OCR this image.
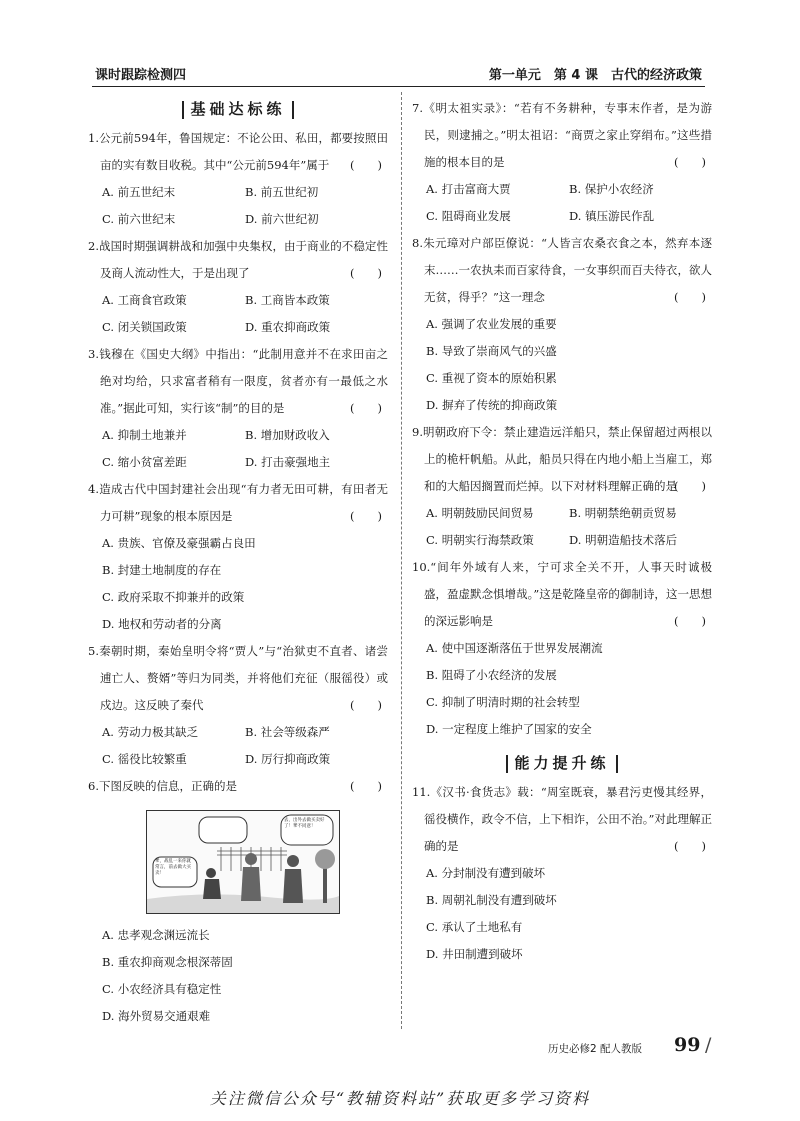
课时跟踪检测四	第一单元　第 4 课　古代的经济政策
基础达标练
1.公元前594年，鲁国规定：不论公田、私田，都要按照田亩的实有数目收税。其中“公元前594年”属于 (　　)
A. 前五世纪末	B. 前五世纪初
C. 前六世纪末	D. 前六世纪初
2.战国时期强调耕战和加强中央集权，由于商业的不稳定性及商人流动性大，于是出现了	(　　)
A. 工商食官政策	B. 工商皆本政策
C. 闭关锁国政策	D. 重农抑商政策
3.钱穆在《国史大纲》中指出：“此制用意并不在求田亩之绝对均给，只求富者稍有一限度，贫者亦有一最低之水准。”据此可知，实行该“制”的目的是	(　　)
A. 抑制土地兼并	B. 增加财政收入
C. 缩小贫富差距	D. 打击豪强地主
4.造成古代中国封建社会出现“有力者无田可耕，有田者无力可耕”现象的根本原因是	(　　)
A. 贵族、官僚及豪强霸占良田
B. 封建土地制度的存在
C. 政府采取不抑兼并的政策
D. 地权和劳动者的分离
5.秦朝时期，秦始皇明令将“贾人”与“治狱吏不直者、诸尝逋亡人、赘婿”等归为同类，并将他们充征（服徭役）或戍边。这反映了秦代	(　　)
A. 劳动力极其缺乏	B. 社会等级森严
C. 徭役比较繁重	D. 厉行抑商政策
6.下图反映的信息，正确的是	(　　)
爹，战乱一来你就常言，前去做大买卖！
去，出外去做买卖好了！爹不同意！
A. 忠孝观念渊远流长
B. 重农抑商观念根深蒂固
C. 小农经济具有稳定性
D. 海外贸易交通艰难
7.《明太祖实录》：“若有不务耕种，专事末作者，是为游民，则逮捕之。”明太祖诏：“商贾之家止穿绢布。”这些措施的根本目的是	(　　)
A. 打击富商大贾	B. 保护小农经济
C. 阻碍商业发展	D. 镇压游民作乱
8.朱元璋对户部臣僚说：“人皆言农桑衣食之本，然弃本逐末……一农执耒而百家待食，一女事织而百夫待衣，欲人无贫，得乎？”这一理念	(　　)
A. 强调了农业发展的重要
B. 导致了崇商风气的兴盛
C. 重视了资本的原始积累
D. 摒弃了传统的抑商政策
9.明朝政府下令：禁止建造远洋船只，禁止保留超过两根以上的桅杆帆船。从此，船员只得在内地小船上当雇工，郑和的大船因搁置而烂掉。以下对材料理解正确的是
(　　)
A. 明朝鼓励民间贸易	B. 明朝禁绝朝贡贸易
C. 明朝实行海禁政策	D. 明朝造船技术落后
10.“间年外域有人来，宁可求全关不开，人事天时诚极盛，盈虚默念惧增哉。”这是乾隆皇帝的御制诗，这一思想的深远影响是	(　　)
A. 使中国逐渐落伍于世界发展潮流
B. 阻碍了小农经济的发展
C. 抑制了明清时期的社会转型
D. 一定程度上维护了国家的安全
能力提升练
11.《汉书·食货志》载：“周室既衰，暴君污吏慢其经界，徭役横作，政令不信，上下相诈，公田不治。”对此理解正确的是	(　　)
A. 分封制没有遭到破坏
B. 周朝礼制没有遭到破坏
C. 承认了土地私有
D. 井田制遭到破坏
历史必修2 配人教版 99 /
关注微信公众号“教辅资料站”获取更多学习资料
